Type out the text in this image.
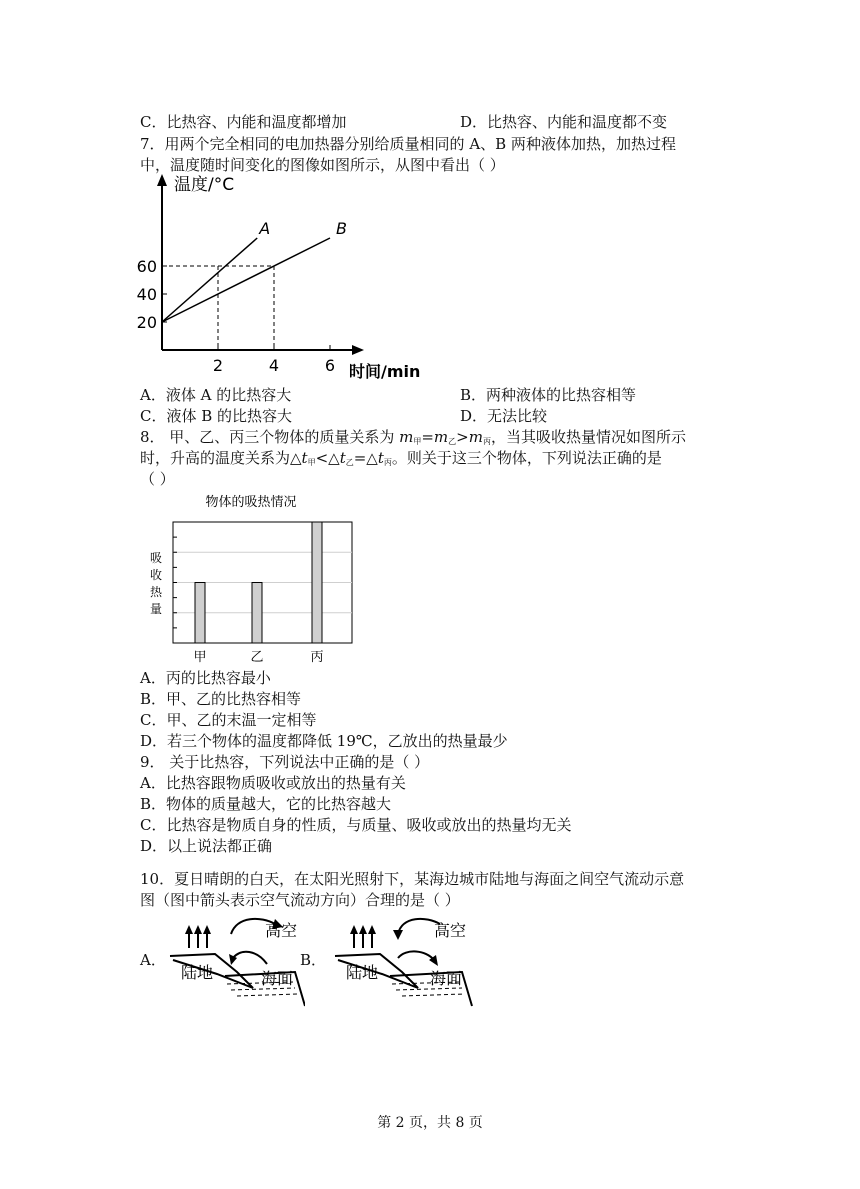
C．比热容、内能和温度都增加	D．比热容、内能和温度都不变
7．用两个完全相同的电加热器分别给质量相同的 A、B 两种液体加热，加热过程
中，温度随时间变化的图像如图所示，从图中看出（ ）
温度/°C
时间/min
20
40
60
2	4	6
A	B
A．液体 A 的比热容大	B．两种液体的比热容相等
C．液体 B 的比热容大	D．无法比较
8． 甲、乙、丙三个物体的质量关系为 $m_甲=m_乙>m_丙$，当其吸收热量情况如图所示
时，升高的温度关系为$\triangle t_甲<\triangle t_乙=\triangle t_丙$。则关于这三个物体，下列说法正确的是
（ ）
物体的吸热情况
吸
收
热
量
甲	乙	丙
A．丙的比热容最小
B．甲、乙的比热容相等
C．甲、乙的末温一定相等
D．若三个物体的温度都降低 19℃，乙放出的热量最少
9． 关于比热容，下列说法中正确的是（ ）
A．比热容跟物质吸收或放出的热量有关
B．物体的质量越大，它的比热容越大
C．比热容是物质自身的性质，与质量、吸收或放出的热量均无关
D．以上说法都正确
10．夏日晴朗的白天，在太阳光照射下，某海边城市陆地与海面之间空气流动示意
图（图中箭头表示空气流动方向）合理的是（ ）
A．
高空
陆地	海面
B．
高空
陆地	海面
第 2 页，共 8 页
